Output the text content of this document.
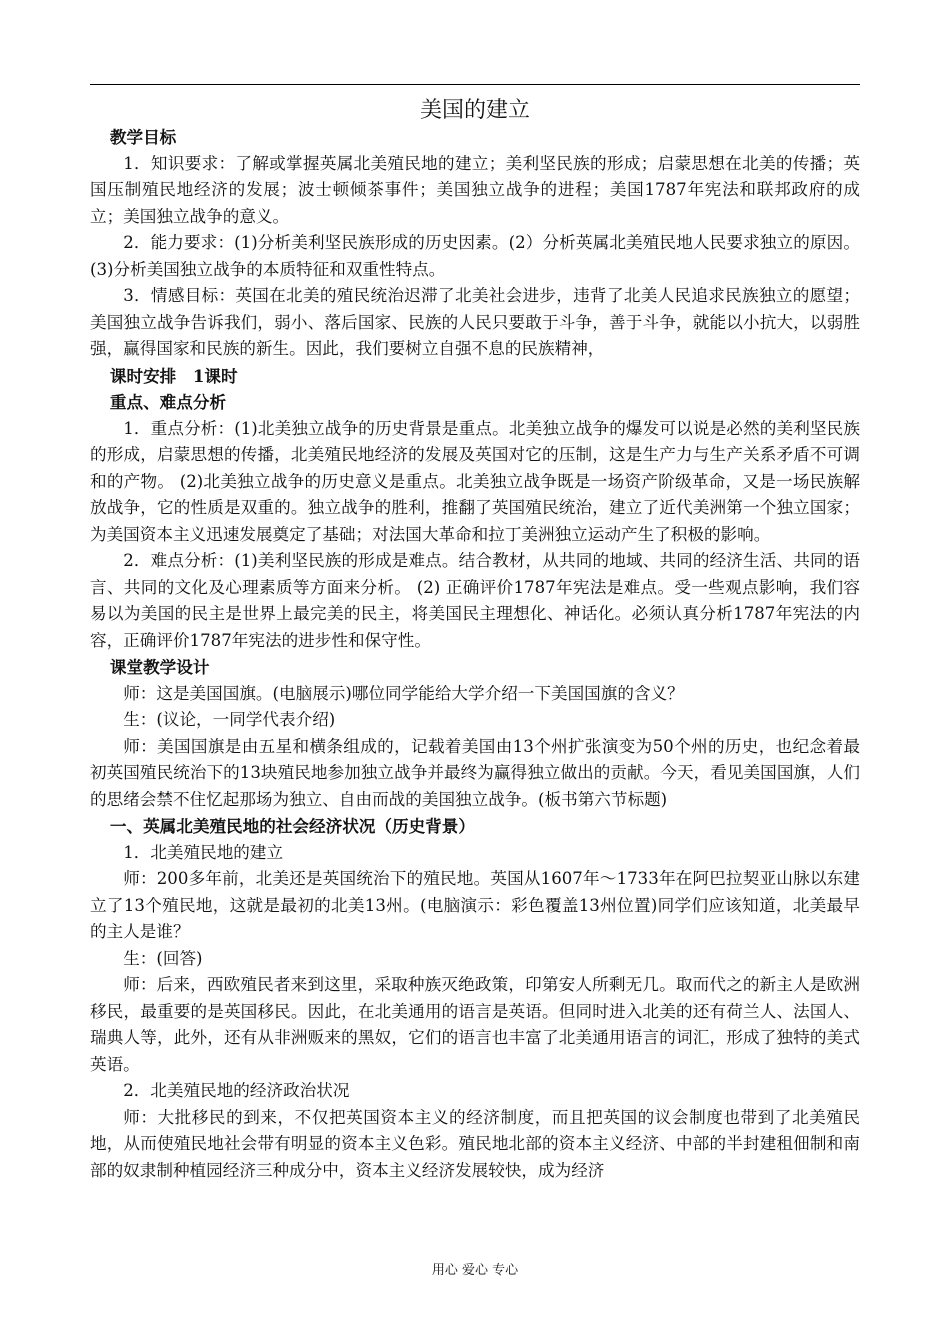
美国的建立

教学目标

1．知识要求：了解或掌握英属北美殖民地的建立；美利坚民族的形成；启蒙思想在北美的传播；英国压制殖民地经济的发展；波士顿倾茶事件；美国独立战争的进程；美国1787年宪法和联邦政府的成立；美国独立战争的意义。

2．能力要求：(1)分析美利坚民族形成的历史因素。(2）分析英属北美殖民地人民要求独立的原因。 (3)分析美国独立战争的本质特征和双重性特点。

3．情感目标：英国在北美的殖民统治迟滞了北美社会进步，违背了北美人民追求民族独立的愿望；美国独立战争告诉我们，弱小、落后国家、民族的人民只要敢于斗争，善于斗争，就能以小抗大，以弱胜强，赢得国家和民族的新生。因此，我们要树立自强不息的民族精神，

课时安排　1课时

重点、难点分析

1．重点分析：(1)北美独立战争的历史背景是重点。北美独立战争的爆发可以说是必然的美利坚民族的形成，启蒙思想的传播，北美殖民地经济的发展及英国对它的压制，这是生产力与生产关系矛盾不可调和的产物。 (2)北美独立战争的历史意义是重点。北美独立战争既是一场资产阶级革命，又是一场民族解放战争，它的性质是双重的。独立战争的胜利，推翻了英国殖民统治，建立了近代美洲第一个独立国家；为美国资本主义迅速发展奠定了基础；对法国大革命和拉丁美洲独立运动产生了积极的影响。

2．难点分析：(1)美利坚民族的形成是难点。结合教材，从共同的地域、共同的经济生活、共同的语言、共同的文化及心理素质等方面来分析。 (2) 正确评价1787年宪法是难点。受一些观点影响，我们容易以为美国的民主是世界上最完美的民主，将美国民主理想化、神话化。必须认真分析1787年宪法的内容，正确评价1787年宪法的进步性和保守性。

课堂教学设计

师：这是美国国旗。(电脑展示)哪位同学能给大学介绍一下美国国旗的含义？

生：(议论，一同学代表介绍)

师：美国国旗是由五星和横条组成的，记载着美国由13个州扩张演变为50个州的历史，也纪念着最初英国殖民统治下的13块殖民地参加独立战争并最终为赢得独立做出的贡献。今天，看见美国国旗，人们的思绪会禁不住忆起那场为独立、自由而战的美国独立战争。(板书第六节标题)

一、英属北美殖民地的社会经济状况（历史背景）

1．北美殖民地的建立

师：200多年前，北美还是英国统治下的殖民地。英国从1607年～1733年在阿巴拉契亚山脉以东建立了13个殖民地，这就是最初的北美13州。(电脑演示：彩色覆盖13州位置)同学们应该知道，北美最早的主人是谁？

生：(回答)

师：后来，西欧殖民者来到这里，采取种族灭绝政策，印第安人所剩无几。取而代之的新主人是欧洲移民，最重要的是英国移民。因此，在北美通用的语言是英语。但同时进入北美的还有荷兰人、法国人、瑞典人等，此外，还有从非洲贩来的黑奴，它们的语言也丰富了北美通用语言的词汇，形成了独特的美式英语。

2．北美殖民地的经济政治状况

师：大批移民的到来，不仅把英国资本主义的经济制度，而且把英国的议会制度也带到了北美殖民地，从而使殖民地社会带有明显的资本主义色彩。殖民地北部的资本主义经济、中部的半封建租佃制和南部的奴隶制种植园经济三种成分中，资本主义经济发展较快，成为经济

用心 爱心 专心
